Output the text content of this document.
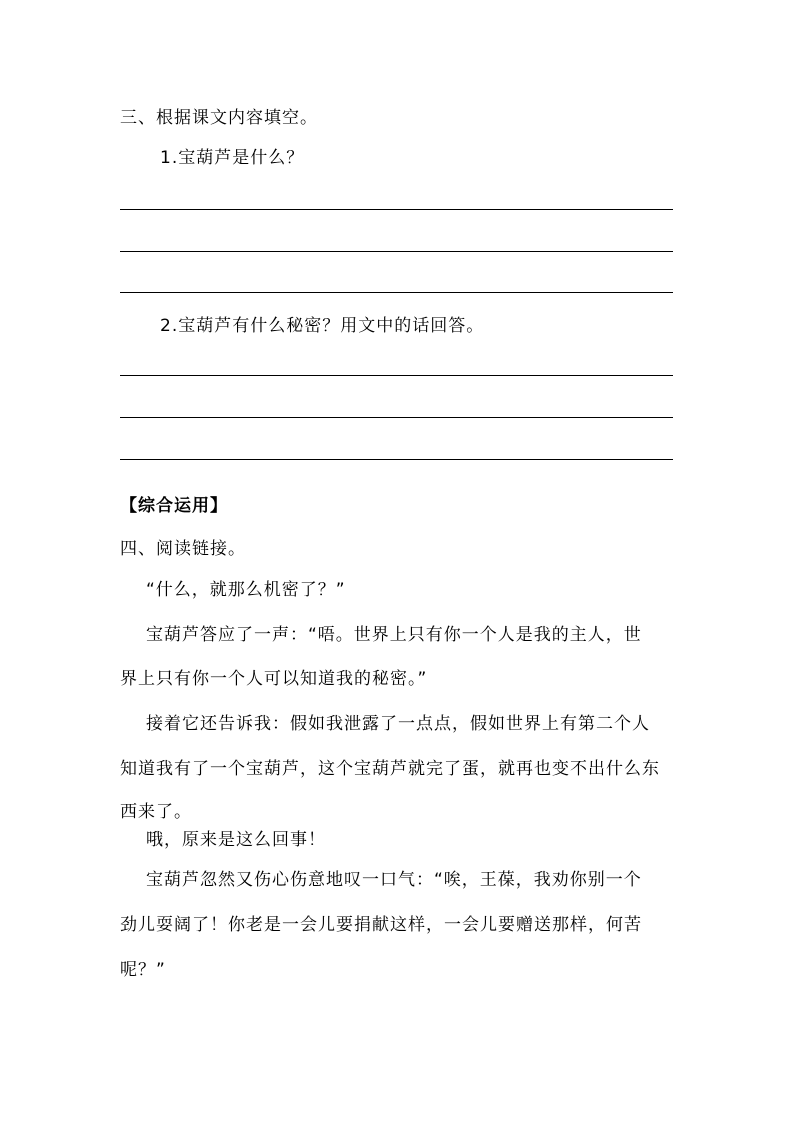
三、根据课文内容填空。
1.宝葫芦是什么？
2.宝葫芦有什么秘密？用文中的话回答。
【综合运用】
四、阅读链接。
“什么，就那么机密了？”
宝葫芦答应了一声：“唔。世界上只有你一个人是我的主人，世
界上只有你一个人可以知道我的秘密。”
接着它还告诉我：假如我泄露了一点点，假如世界上有第二个人
知道我有了一个宝葫芦，这个宝葫芦就完了蛋，就再也变不出什么东
西来了。
哦，原来是这么回事！
宝葫芦忽然又伤心伤意地叹一口气：“唉，王葆，我劝你别一个
劲儿耍阔了！你老是一会儿要捐献这样，一会儿要赠送那样，何苦
呢？”
